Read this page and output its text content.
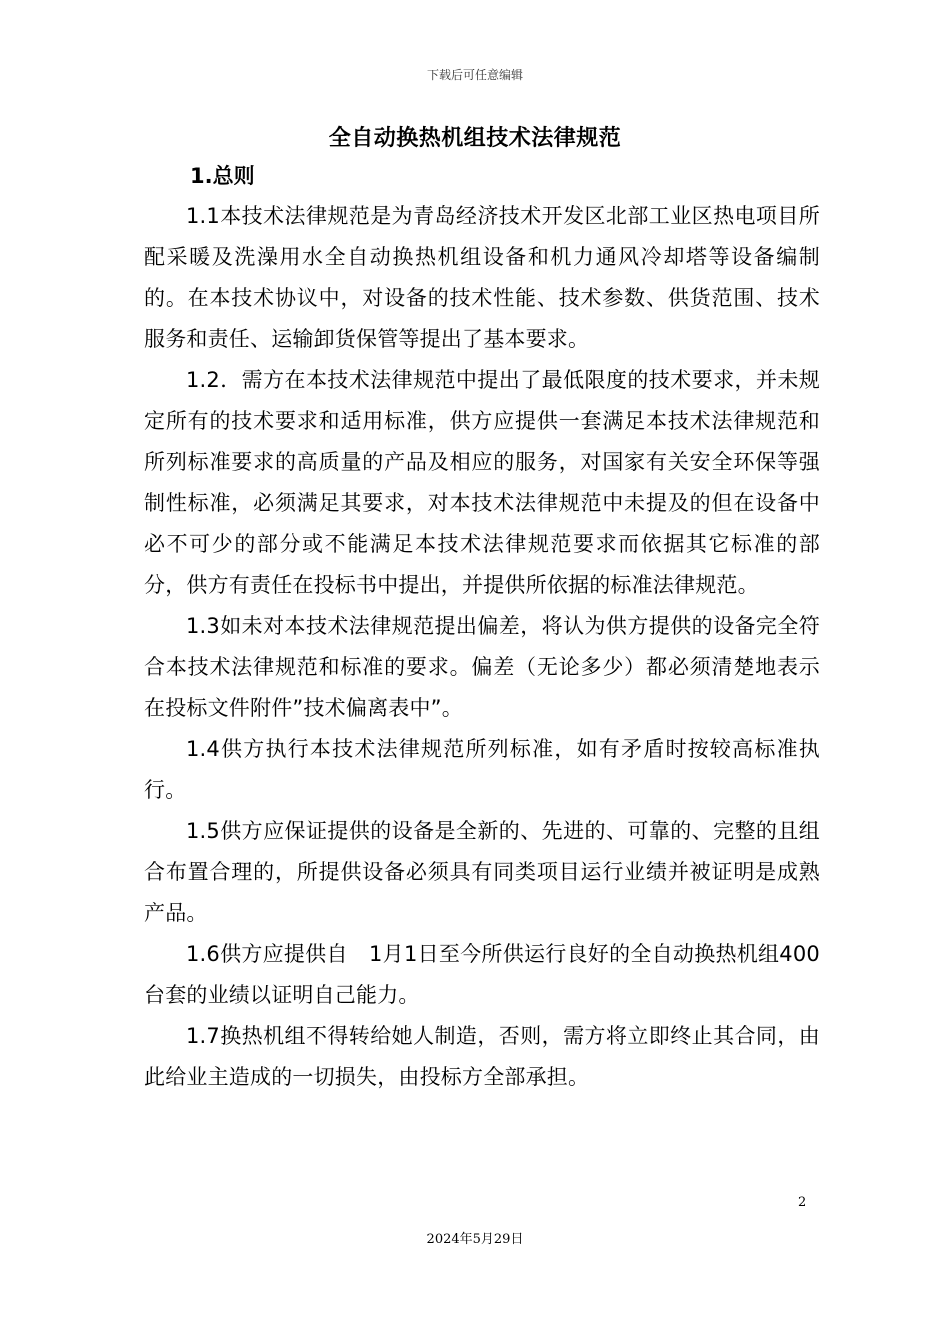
下载后可任意编辑
全自动换热机组技术法律规范
1.总则

1.1本技术法律规范是为青岛经济技术开发区北部工业区热电项目所配采暖及洗澡用水全自动换热机组设备和机力通风冷却塔等设备编制的。在本技术协议中，对设备的技术性能、技术参数、供货范围、技术服务和责任、运输卸货保管等提出了基本要求。

1.2．需方在本技术法律规范中提出了最低限度的技术要求，并未规定所有的技术要求和适用标准，供方应提供一套满足本技术法律规范和所列标准要求的高质量的产品及相应的服务，对国家有关安全环保等强制性标准，必须满足其要求，对本技术法律规范中未提及的但在设备中必不可少的部分或不能满足本技术法律规范要求而依据其它标准的部分，供方有责任在投标书中提出，并提供所依据的标准法律规范。

1.3如未对本技术法律规范提出偏差，将认为供方提供的设备完全符合本技术法律规范和标准的要求。偏差（无论多少）都必须清楚地表示在投标文件附件”技术偏离表中”。

1.4供方执行本技术法律规范所列标准，如有矛盾时按较高标准执行。

1.5供方应保证提供的设备是全新的、先进的、可靠的、完整的且组合布置合理的，所提供设备必须具有同类项目运行业绩并被证明是成熟产品。

1.6供方应提供自　1月1日至今所供运行良好的全自动换热机组400台套的业绩以证明自己能力。

1.7换热机组不得转给她人制造，否则，需方将立即终止其合同，由此给业主造成的一切损失，由投标方全部承担。

2
2024年5月29日
